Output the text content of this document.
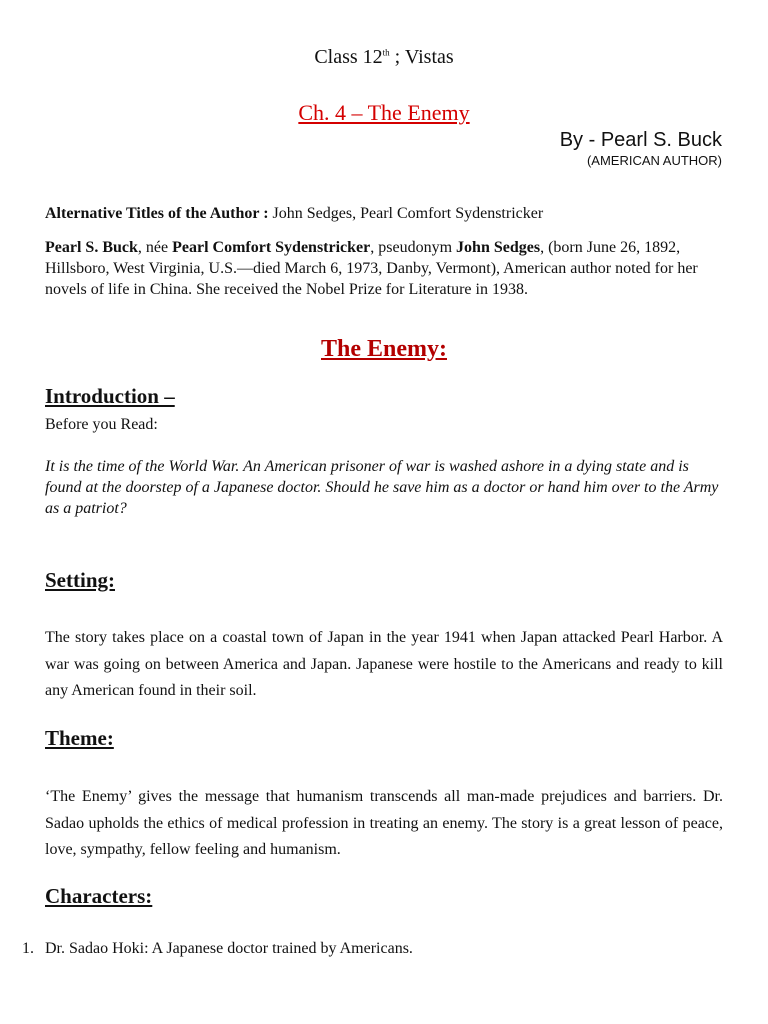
Class 12th ; Vistas
Ch. 4 – The Enemy
By - Pearl S. Buck
(AMERICAN AUTHOR)
Alternative Titles of the Author : John Sedges, Pearl Comfort Sydenstricker
Pearl S. Buck, née Pearl Comfort Sydenstricker, pseudonym John Sedges, (born June 26, 1892, Hillsboro, West Virginia, U.S.—died March 6, 1973, Danby, Vermont), American author noted for her novels of life in China. She received the Nobel Prize for Literature in 1938.
The Enemy:
Introduction –
Before you Read:
It is the time of the World War. An American prisoner of war is washed ashore in a dying state and is found at the doorstep of a Japanese doctor. Should he save him as a doctor or hand him over to the Army as a patriot?
Setting:
The story takes place on a coastal town of Japan in the year 1941 when Japan attacked Pearl Harbor. A war was going on between America and Japan. Japanese were hostile to the Americans and ready to kill any American found in their soil.
Theme:
‘The Enemy’ gives the message that humanism transcends all man-made prejudices and barriers. Dr. Sadao upholds the ethics of medical profession in treating an enemy. The story is a great lesson of peace, love, sympathy, fellow feeling and humanism.
Characters:
1. Dr. Sadao Hoki: A Japanese doctor trained by Americans.
